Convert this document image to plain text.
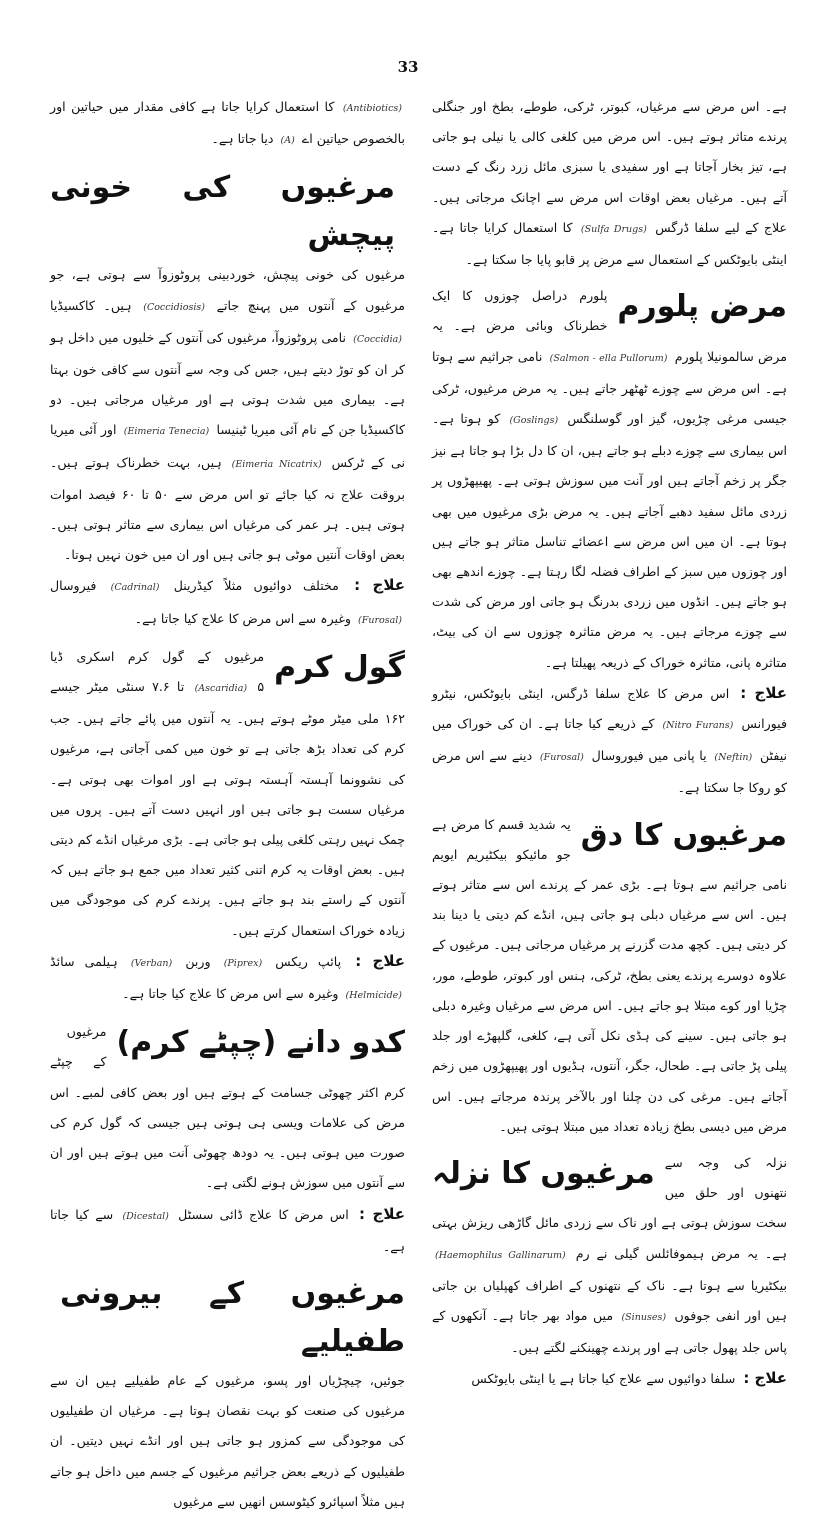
33
ہے۔ اس مرض سے مرغیاں، کبوتر، ٹرکی، طوطے، بطخ اور جنگلی پرندے متاثر ہوتے ہیں۔ اس مرض میں کلغی کالی یا نیلی ہو جاتی ہے، تیز بخار آجاتا ہے اور سفیدی یا سبزی مائل زرد رنگ کے دست آتے ہیں۔ مرغیاں بعض اوقات اس مرض سے اچانک مرجاتی ہیں۔ علاج کے لیے سلفا ڈرگس (Sulfa Drugs) کا استعمال کرایا جاتا ہے۔ اینٹی بایوٹکس کے استعمال سے مرض پر قابو پایا جا سکتا ہے۔
مرض پلورم
پلورم دراصل چوزوں کا ایک خطرناک وبائی مرض ہے۔ یہ مرض سالمونیلا پلورم (Salmon - ella Pullorum) نامی جراثیم سے ہوتا ہے۔ اس مرض سے چوزے ٹھٹھر جاتے ہیں۔ یہ مرض مرغیوں، ٹرکی جیسی مرغی چڑیوں، گیز اور گوسلنگس (Goslings) کو ہوتا ہے۔ اس بیماری سے چوزے دبلے ہو جاتے ہیں، ان کا دل بڑا ہو جاتا ہے نیز جگر پر زخم آجاتے ہیں اور آنت میں سوزش ہوتی ہے۔ پھیپھڑوں پر زردی مائل سفید دھبے آجاتے ہیں۔ یہ مرض بڑی مرغیوں میں بھی ہوتا ہے۔ ان میں اس مرض سے اعضائے تناسل متاثر ہو جاتے ہیں اور چوزوں میں سبز کے اطراف فضلہ لگا رہتا ہے۔ چوزے اندھے بھی ہو جاتے ہیں۔ انڈوں میں زردی بدرنگ ہو جاتی اور مرض کی شدت سے چوزے مرجاتے ہیں۔ یہ مرض متاثرہ چوزوں سے ان کی بیٹ، متاثرہ پانی، متاثرہ خوراک کے ذریعہ پھیلتا ہے۔
علاج : اس مرض کا علاج سلفا ڈرگس، اینٹی بایوٹکس، نیٹرو فیورانس (Nitro Furans) کے ذریعے کیا جاتا ہے۔ ان کی خوراک میں نیفٹن (Neftin) یا پانی میں فیوروسال (Furosal) دینے سے اس مرض کو روکا جا سکتا ہے۔
مرغیوں کا دق
یہ شدید قسم کا مرض ہے جو مائیکو بیکٹیریم ایویم نامی جراثیم سے ہوتا ہے۔ بڑی عمر کے پرندے اس سے متاثر ہوتے ہیں۔ اس سے مرغیاں دبلی ہو جاتی ہیں، انڈے کم دیتی یا دینا بند کر دیتی ہیں۔ کچھ مدت گزرنے پر مرغیاں مرجاتی ہیں۔ مرغیوں کے علاوہ دوسرے پرندے یعنی بطخ، ٹرکی، ہنس اور کبوتر، طوطے، مور، چڑیا اور کوے مبتلا ہو جاتے ہیں۔ اس مرض سے مرغیاں وغیرہ دبلی ہو جاتی ہیں۔ سینے کی ہڈی نکل آتی ہے، کلغی، گلپھڑے اور جلد پیلی پڑ جاتی ہے۔ طحال، جگر، آنتوں، ہڈیوں اور پھیپھڑوں میں زخم آجاتے ہیں۔ مرغی کی دن چلنا اور بالآخر پرندہ مرجاتے ہیں۔ اس مرض میں دیسی بطخ زیادہ تعداد میں مبتلا ہوتی ہیں۔
مرغیوں کا نزلہ نزلہ کی وجہ سے نتھنوں اور حلق میں سخت سوزش ہوتی ہے اور ناک سے زردی مائل گاڑھی ریزش بہتی ہے۔ یہ مرض ہیموفائلس گیلی نے رم (Haemophilus Gallinarum) بیکٹیریا سے ہوتا ہے۔ ناک کے نتھنوں کے اطراف کھپلیاں بن جاتی ہیں اور انفی جوفوں (Sinuses) میں مواد بھر جاتا ہے۔ آنکھوں کے پاس جلد پھول جاتی ہے اور پرندے چھینکنے لگتے ہیں۔
علاج : سلفا دوائیوں سے علاج کیا جاتا ہے یا اینٹی بایوٹکس
(Antibiotics) کا استعمال کرایا جاتا ہے کافی مقدار میں حیاتین اور بالخصوص حیاتین اے (A) دیا جاتا ہے۔
مرغیوں کی خونی پیچش
مرغیوں کی خونی پیچش، خوردبینی پروٹوزوآ سے ہوتی ہے، جو مرغیوں کے آنتوں میں پہنچ جاتے (Coccidiosis) ہیں۔ کاکسیڈیا (Coccidia) نامی پروٹوزوآ، مرغیوں کی آنتوں کے خلیوں میں داخل ہو کر ان کو توڑ دیتے ہیں، جس کی وجہ سے آنتوں سے کافی خون بہتا ہے۔ بیماری میں شدت ہوتی ہے اور مرغیاں مرجاتی ہیں۔ دو کاکسیڈیا جن کے نام آئی میریا ٹینیسا (Eimeria Tenecia) اور آئی میریا نی کے ٹرکس (Eimeria Nicatrix) ہیں، بہت خطرناک ہوتے ہیں۔ بروقت علاج نہ کیا جائے تو اس مرض سے ۵۰ تا ۶۰ فیصد اموات ہوتی ہیں۔ ہر عمر کی مرغیاں اس بیماری سے متاثر ہوتی ہیں۔ بعض اوقات آنتیں موٹی ہو جاتی ہیں اور ان میں خون نہیں ہوتا۔
علاج : مختلف دوائیوں مثلاً کیڈرینل (Cadrinal) فیروسال (Furosal) وغیرہ سے اس مرض کا علاج کیا جاتا ہے۔
گول کرم
مرغیوں کے گول کرم اسکری ڈیا (Ascaridia) ۵ تا ۷.۶ سنٹی میٹر جیسے ۱۶۲ ملی میٹر موٹے ہوتے ہیں۔ یہ آنتوں میں پائے جاتے ہیں۔ جب کرم کی تعداد بڑھ جاتی ہے تو خون میں کمی آجاتی ہے، مرغیوں کی نشوونما آہستہ آہستہ ہوتی ہے اور اموات بھی ہوتی ہے۔ مرغیاں سست ہو جاتی ہیں اور انہیں دست آتے ہیں۔ پروں میں چمک نہیں رہتی کلغی پیلی ہو جاتی ہے۔ بڑی مرغیاں انڈے کم دیتی ہیں۔ بعض اوقات یہ کرم اتنی کثیر تعداد میں جمع ہو جاتے ہیں کہ آنتوں کے راستے بند ہو جاتے ہیں۔ پرندے کرم کی موجودگی میں زیادہ خوراک استعمال کرتے ہیں۔
علاج : پائپ ریکس (Piprex) وربن (Verban) ہیلمی سائڈ (Helmicide) وغیرہ سے اس مرض کا علاج کیا جاتا ہے۔
کدو دانے (چپٹے کرم)
مرغیوں کے چپٹے کرم اکثر چھوٹی جسامت کے ہوتے ہیں اور بعض کافی لمبے۔ اس مرض کی علامات ویسی ہی ہوتی ہیں جیسی کہ گول کرم کی صورت میں ہوتی ہیں۔ یہ دودھ چھوٹی آنت میں ہوتے ہیں اور ان سے آنتوں میں سوزش ہونے لگتی ہے۔
علاج : اس مرض کا علاج ڈائی سسٹل (Dicestal) سے کیا جاتا ہے۔
مرغیوں کے بیرونی طفیلیے
جوئیں، چیچڑیاں اور پسو، مرغیوں کے عام طفیلیے ہیں ان سے مرغیوں کی صنعت کو بہت نقصان ہوتا ہے۔ مرغیاں ان طفیلیوں کی موجودگی سے کمزور ہو جاتی ہیں اور انڈے نہیں دیتیں۔ ان طفیلیوں کے ذریعے بعض جراثیم مرغیوں کے جسم میں داخل ہو جاتے ہیں مثلاً اسپائرو کیٹوسس انھیں سے مرغیوں
